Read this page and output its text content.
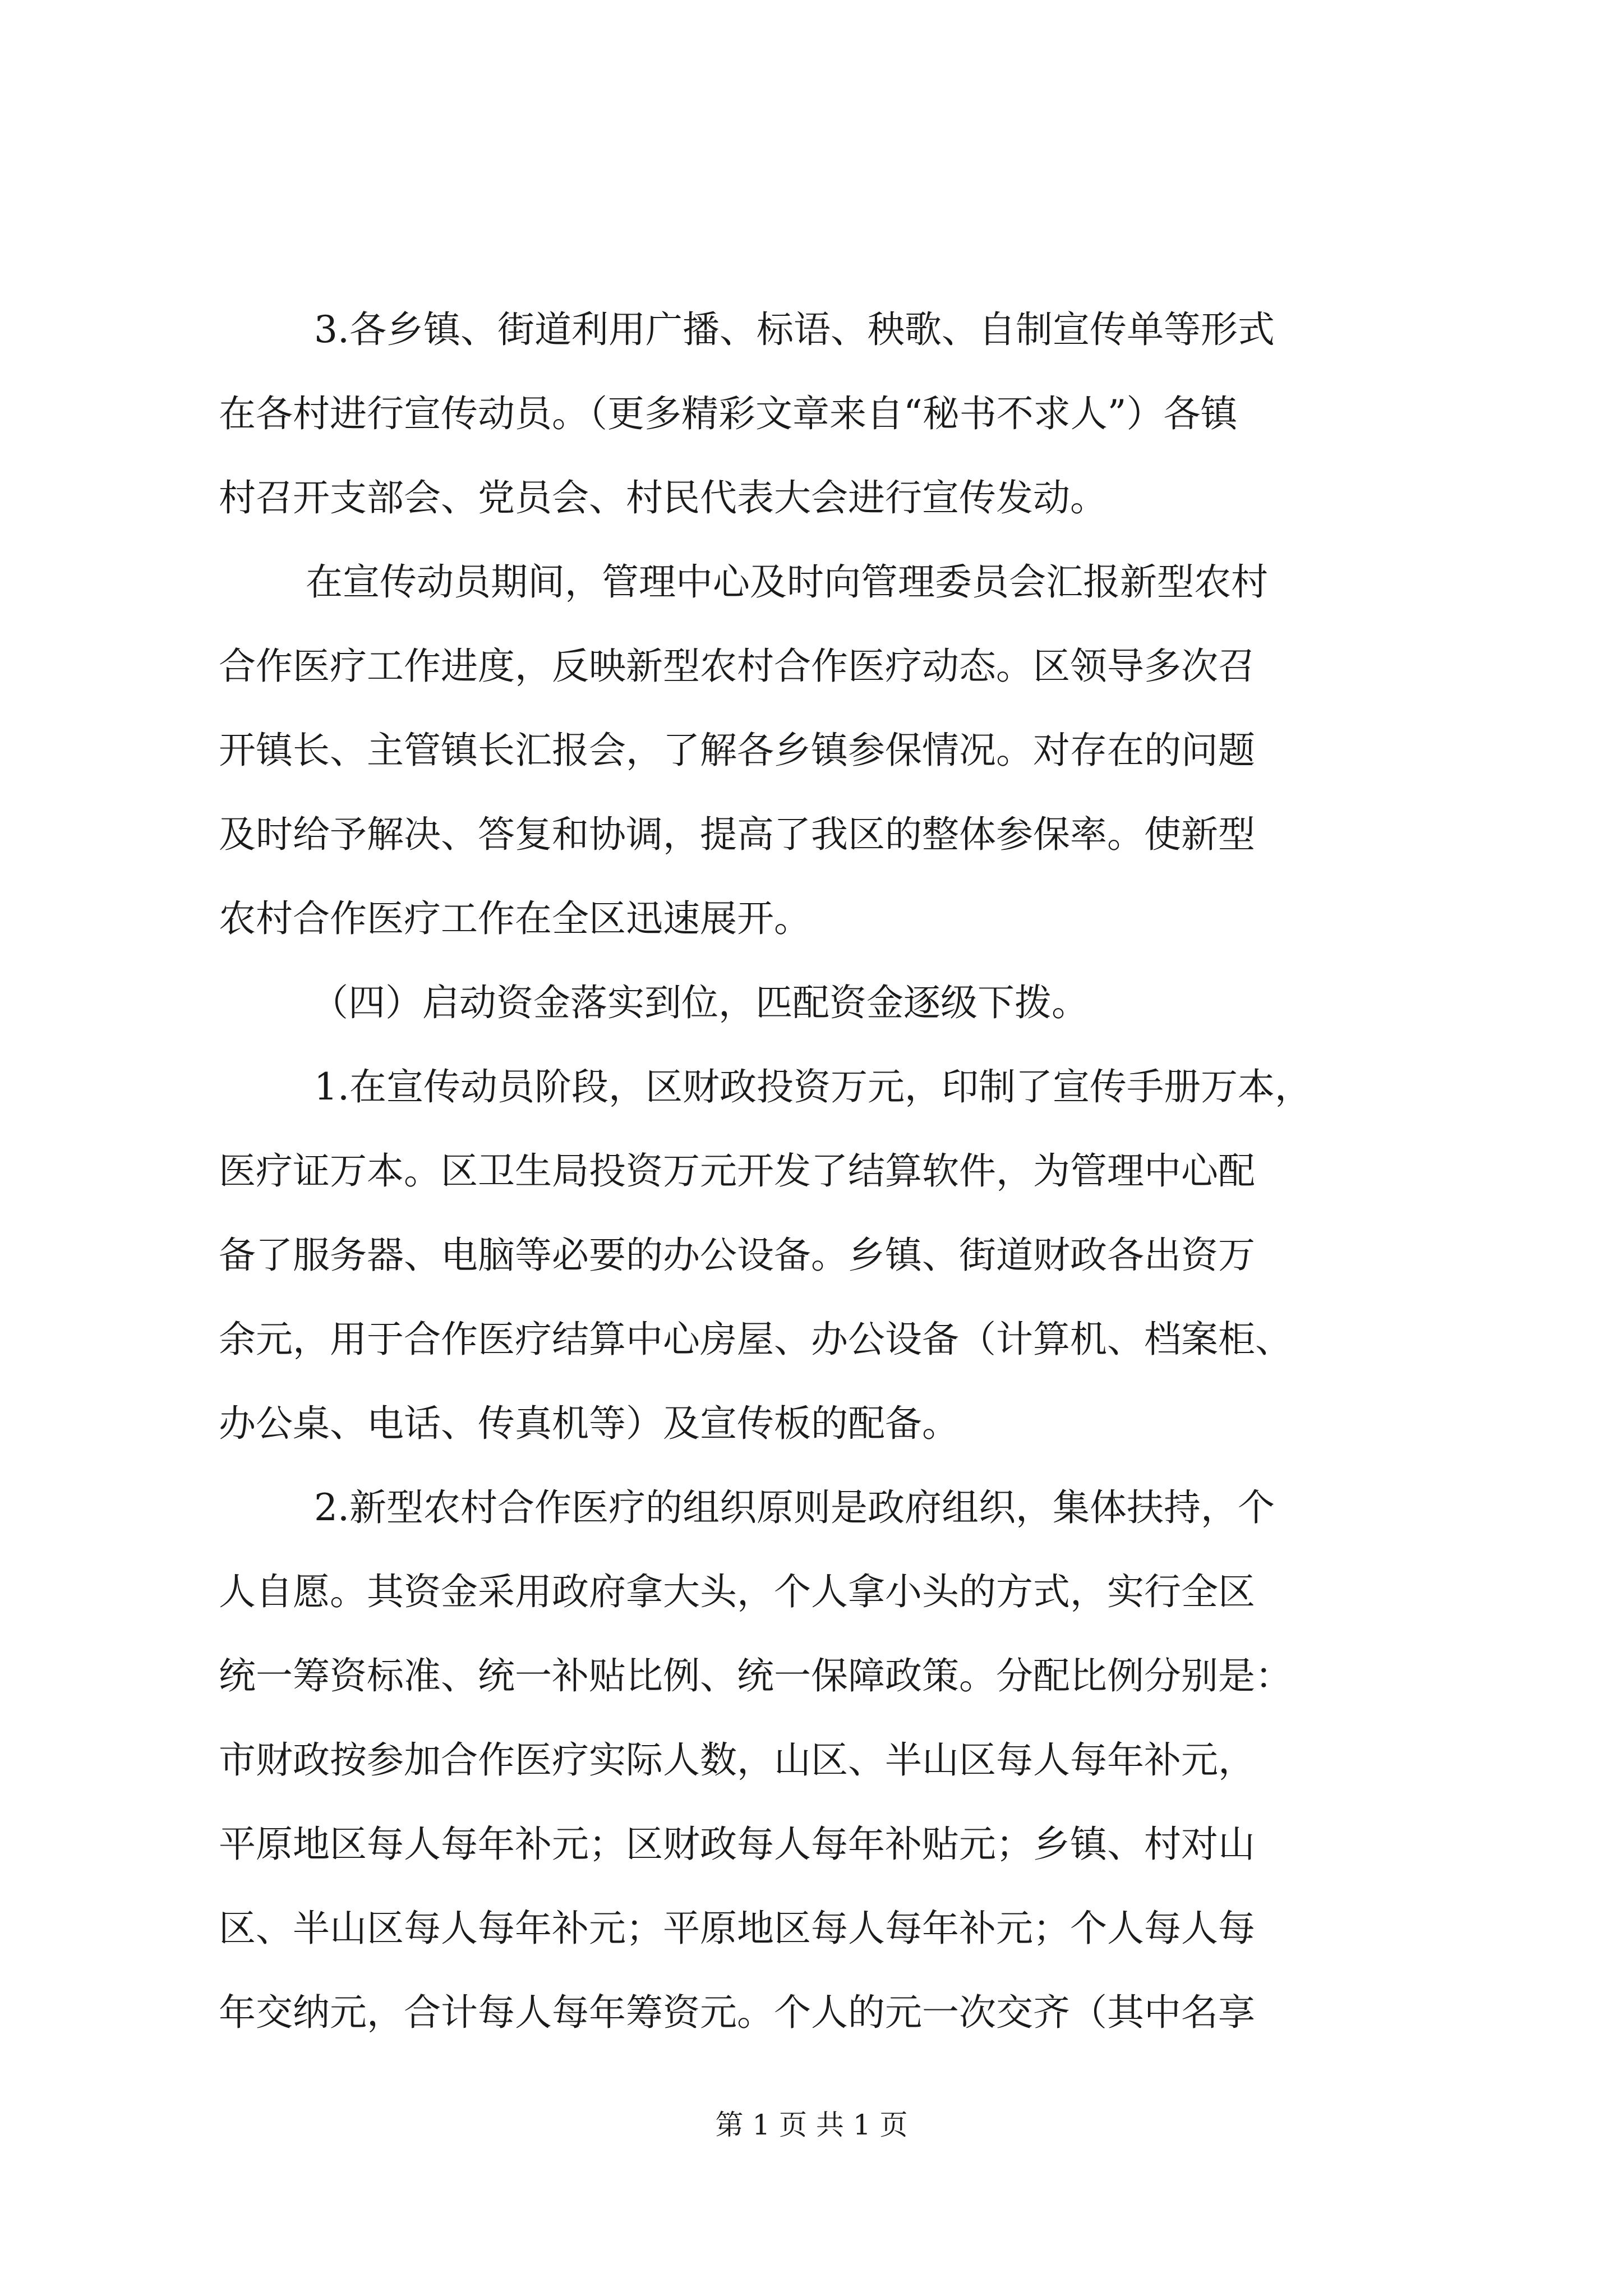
3.各乡镇、街道利用广播、标语、秧歌、自制宣传单等形式
在各村进行宣传动员。（更多精彩文章来自“秘书不求人”）各镇
村召开支部会、党员会、村民代表大会进行宣传发动。
在宣传动员期间，管理中心及时向管理委员会汇报新型农村
合作医疗工作进度，反映新型农村合作医疗动态。区领导多次召
开镇长、主管镇长汇报会，了解各乡镇参保情况。对存在的问题
及时给予解决、答复和协调，提高了我区的整体参保率。使新型
农村合作医疗工作在全区迅速展开。
（四）启动资金落实到位，匹配资金逐级下拨。
1.在宣传动员阶段，区财政投资万元，印制了宣传手册万本，
医疗证万本。区卫生局投资万元开发了结算软件，为管理中心配
备了服务器、电脑等必要的办公设备。乡镇、街道财政各出资万
余元，用于合作医疗结算中心房屋、办公设备（计算机、档案柜、
办公桌、电话、传真机等）及宣传板的配备。
2.新型农村合作医疗的组织原则是政府组织，集体扶持，个
人自愿。其资金采用政府拿大头，个人拿小头的方式，实行全区
统一筹资标准、统一补贴比例、统一保障政策。分配比例分别是：
市财政按参加合作医疗实际人数，山区、半山区每人每年补元，
平原地区每人每年补元；区财政每人每年补贴元；乡镇、村对山
区、半山区每人每年补元；平原地区每人每年补元；个人每人每
年交纳元，合计每人每年筹资元。个人的元一次交齐（其中名享
第 1 页 共 1 页
